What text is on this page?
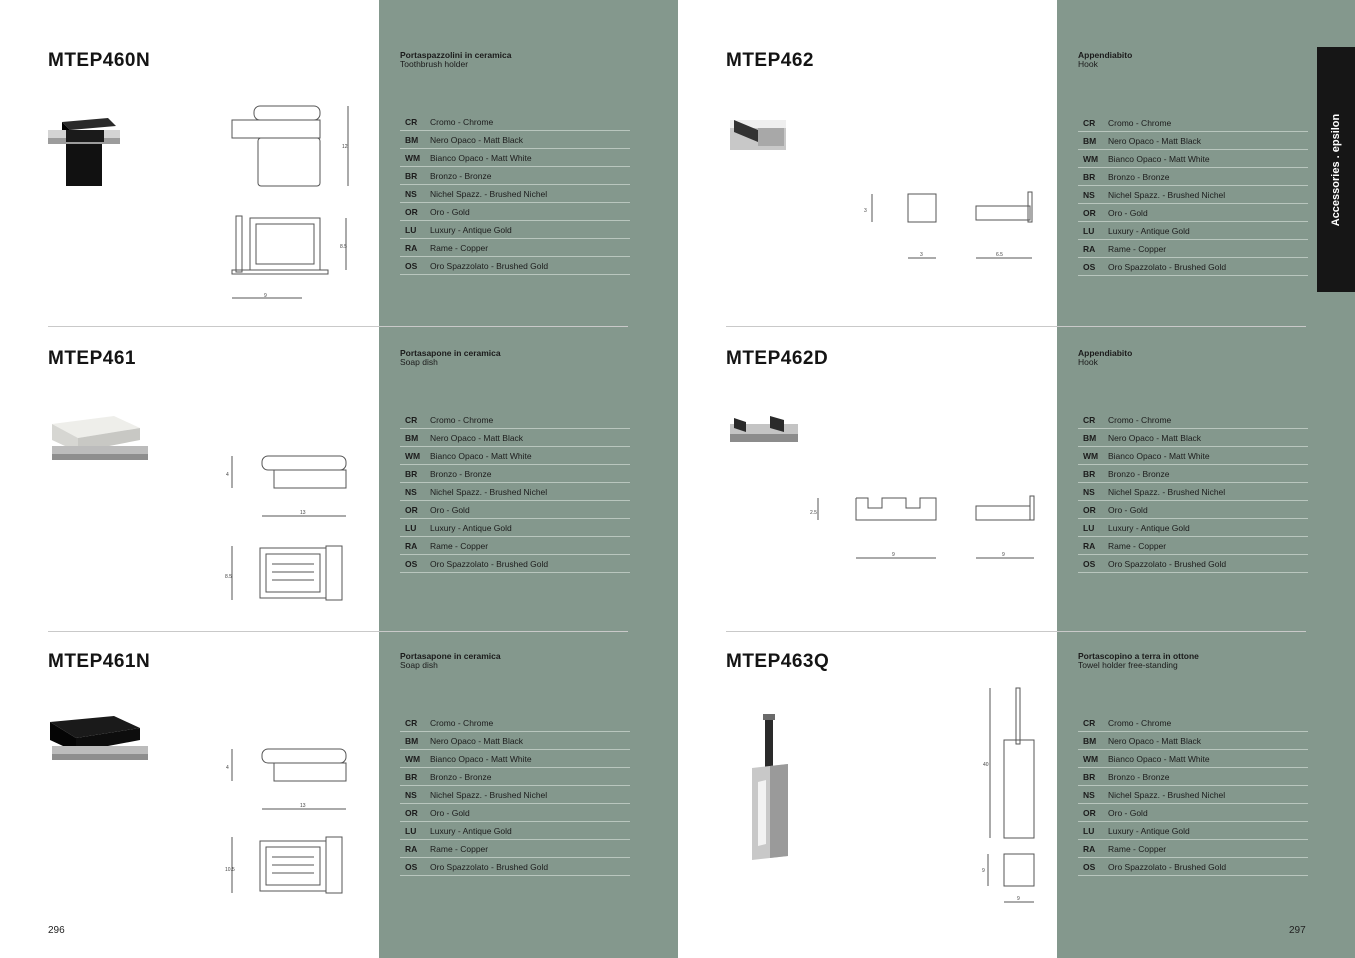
Accessories . epsilon
296	297
MTEP460N	Portaspazzolini in ceramica
Toothbrush holder
CR	Cromo - Chrome
BM	Nero Opaco - Matt Black
WM	Bianco Opaco - Matt White
BR	Bronzo - Bronze
NS	Nichel Spazz. - Brushed Nichel
OR	Oro - Gold
LU	Luxury - Antique Gold
RA	Rame - Copper
OS	Oro Spazzolato - Brushed Gold
12
8.5
9
MTEP461	Portasapone in ceramica
Soap dish
CR	Cromo - Chrome
BM	Nero Opaco - Matt Black
WM	Bianco Opaco - Matt White
BR	Bronzo - Bronze
NS	Nichel Spazz. - Brushed Nichel
OR	Oro - Gold
LU	Luxury - Antique Gold
RA	Rame - Copper
OS	Oro Spazzolato - Brushed Gold
4
13
8.5
MTEP461N	Portasapone in ceramica
Soap dish
CR	Cromo - Chrome
BM	Nero Opaco - Matt Black
WM	Bianco Opaco - Matt White
BR	Bronzo - Bronze
NS	Nichel Spazz. - Brushed Nichel
OR	Oro - Gold
LU	Luxury - Antique Gold
RA	Rame - Copper
OS	Oro Spazzolato - Brushed Gold
4
13
10.5
MTEP462	Appendiabito
Hook
CR	Cromo - Chrome
BM	Nero Opaco - Matt Black
WM	Bianco Opaco - Matt White
BR	Bronzo - Bronze
NS	Nichel Spazz. - Brushed Nichel
OR	Oro - Gold
LU	Luxury - Antique Gold
RA	Rame - Copper
OS	Oro Spazzolato - Brushed Gold
3
3	6.5
MTEP462D	Appendiabito
Hook
CR	Cromo - Chrome
BM	Nero Opaco - Matt Black
WM	Bianco Opaco - Matt White
BR	Bronzo - Bronze
NS	Nichel Spazz. - Brushed Nichel
OR	Oro - Gold
LU	Luxury - Antique Gold
RA	Rame - Copper
OS	Oro Spazzolato - Brushed Gold
2.5
9	9
MTEP463Q	Portascopino a terra in ottone
Towel holder free-standing
CR	Cromo - Chrome
BM	Nero Opaco - Matt Black
WM	Bianco Opaco - Matt White
BR	Bronzo - Bronze
NS	Nichel Spazz. - Brushed Nichel
OR	Oro - Gold
LU	Luxury - Antique Gold
RA	Rame - Copper
OS	Oro Spazzolato - Brushed Gold
40
9
9
